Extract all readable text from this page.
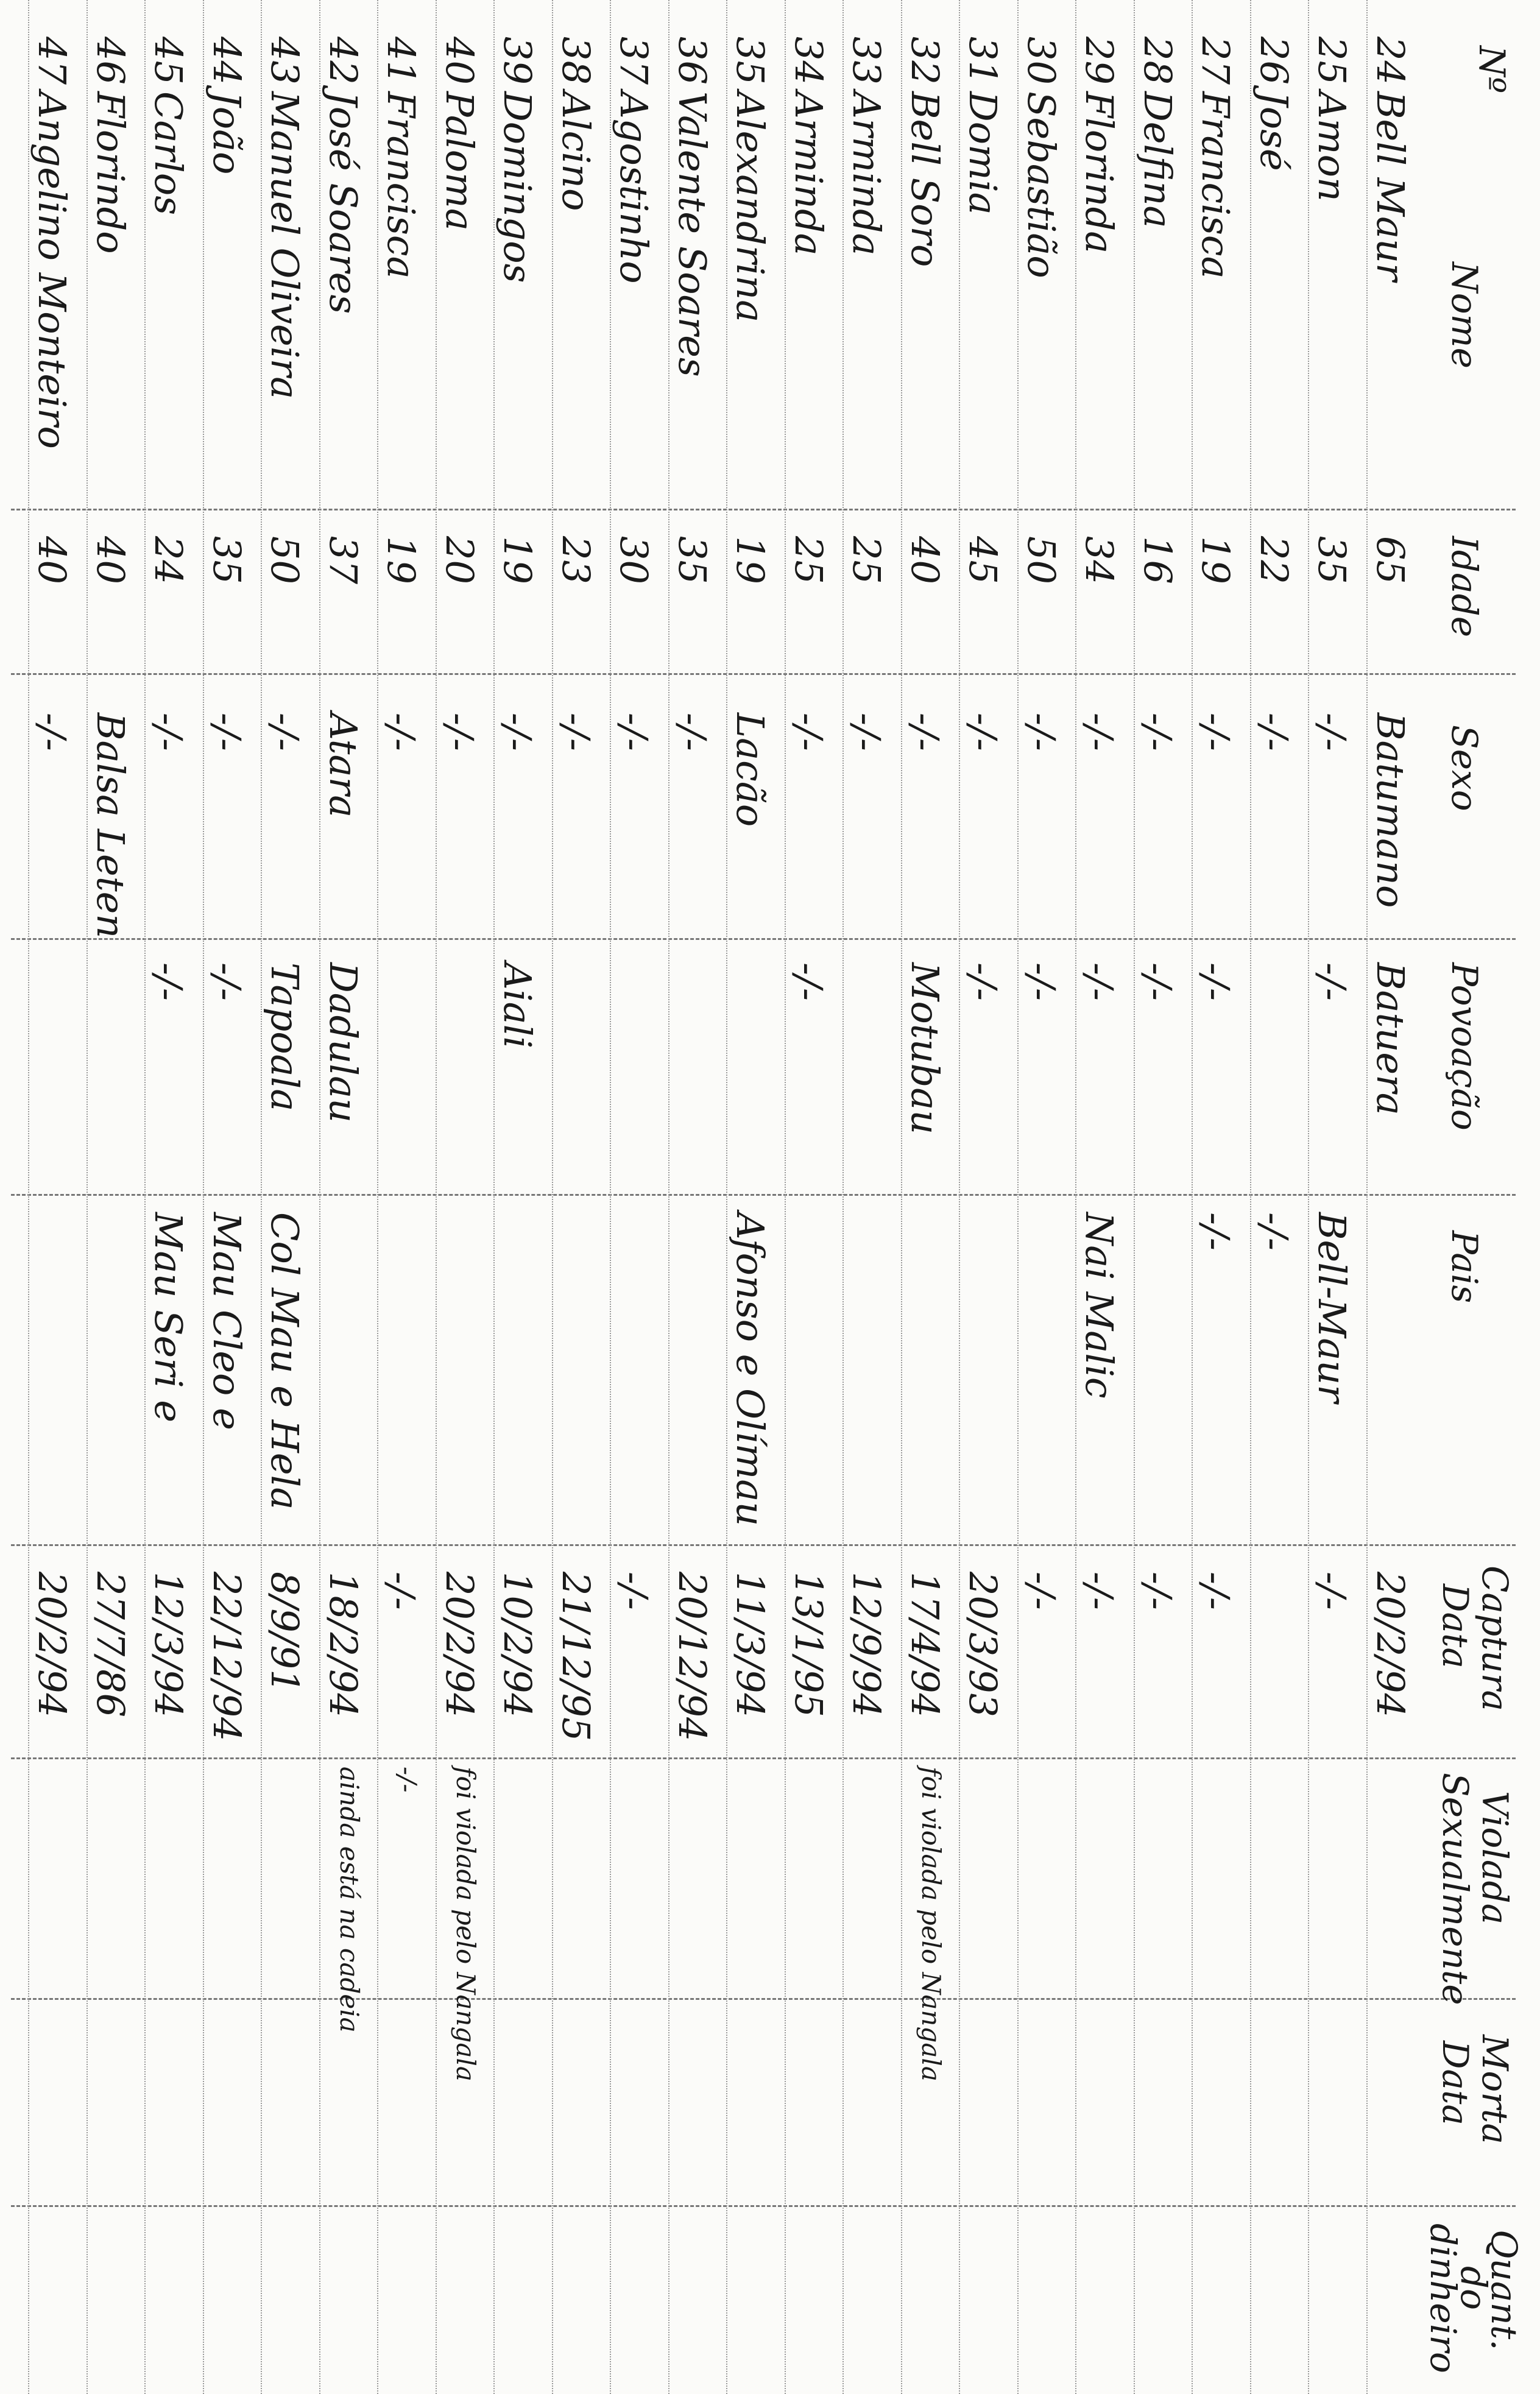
Nº
Nome
Idade
Sexo
Povoação
Pais
Captura
Data
Violada
Sexualmente
Morta
Data
Quant.
do
dinheiro
24
Bell Maur
65
Batumano
Batuera
20/2/94
25
Amon
35
-/-
-/-
Bell-Maur
-/-
26
José
22
-/-
-/-
27
Francisca
19
-/-
-/-
-/-
-/-
28
Delfina
16
-/-
-/-
-/-
29
Florinda
34
-/-
-/-
Nai Malic
-/-
30
Sebastião
50
-/-
-/-
-/-
31
Domia
45
-/-
-/-
20/3/93
32
Bell Soro
40
-/-
Motubau
17/4/94
foi violada pelo Nangala
33
Arminda
25
-/-
12/9/94
34
Arminda
25
-/-
-/-
13/1/95
35
Alexandrina
19
Lacão
Afonso e Olímau
11/3/94
36
Valente Soares
35
-/-
20/12/94
37
Agostinho
30
-/-
-/-
38
Alcino
23
-/-
21/12/95
39
Domingos
19
-/-
Aiali
10/2/94
40
Paloma
20
-/-
20/2/94
foi violada pelo Nangala
41
Francisca
19
-/-
-/-
-/-
42
José Soares
37
Atara
Dadulau
18/2/94
ainda está na cadeia
43
Manuel Oliveira
50
-/-
Tapoala
Col Mau e Hela
8/9/91
44
João
35
-/-
-/-
Mau Cleo e
22/12/94
45
Carlos
24
-/-
-/-
Mau Seri e
12/3/94
46
Florindo
40
Balsa Leten
27/7/86
47
Angelino Monteiro
40
-/-
20/2/94
